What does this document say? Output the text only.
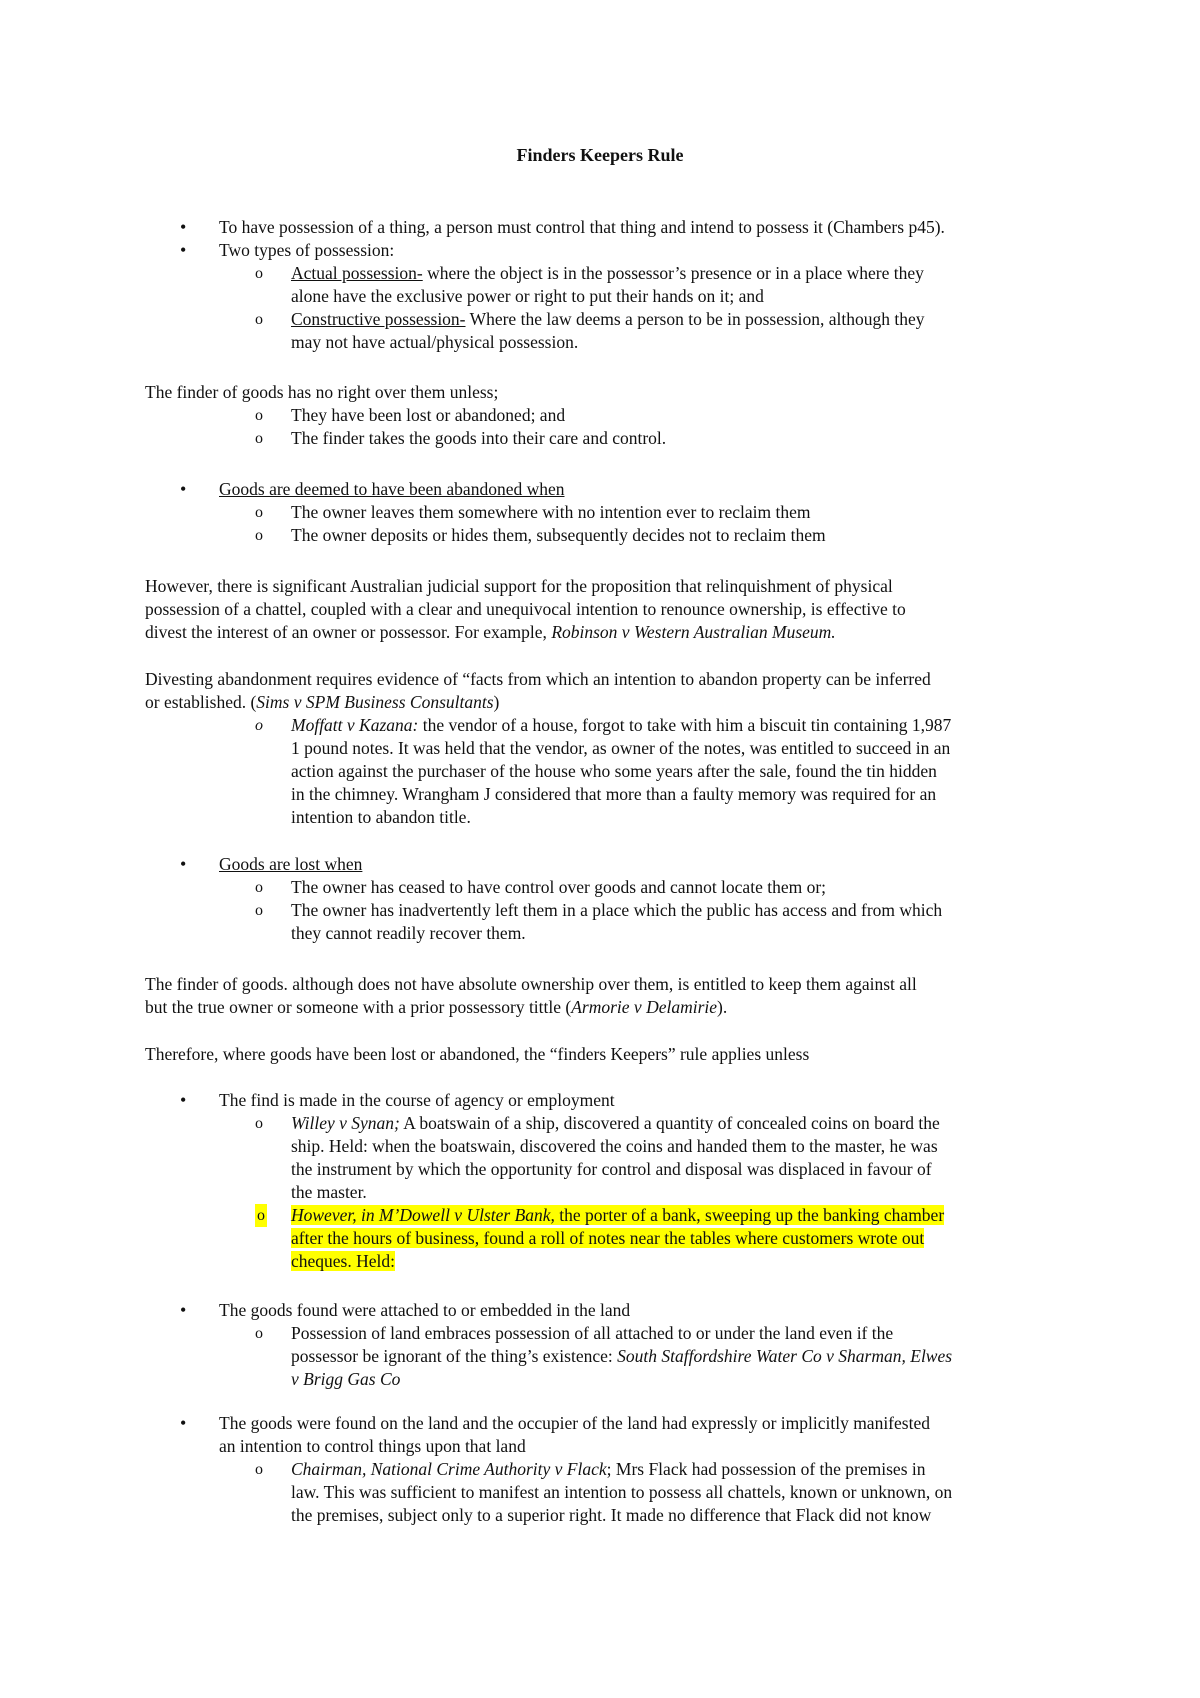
Finders Keepers Rule
•
To have possession of a thing, a person must control that thing and intend to possess it (Chambers p45).
•
Two types of possession:
o Actual possession- where the object is in the possessor’s presence or in a place where they
alone have the exclusive power or right to put their hands on it; and
o Constructive possession- Where the law deems a person to be in possession, although they
may not have actual/physical possession.
The finder of goods has no right over them unless;
o They have been lost or abandoned; and
o The finder takes the goods into their care and control.
•
Goods are deemed to have been abandoned when
o The owner leaves them somewhere with no intention ever to reclaim them
o The owner deposits or hides them, subsequently decides not to reclaim them
However, there is significant Australian judicial support for the proposition that relinquishment of physical
possession of a chattel, coupled with a clear and unequivocal intention to renounce ownership, is effective to
divest the interest of an owner or possessor. For example, Robinson v Western Australian Museum.
Divesting abandonment requires evidence of “facts from which an intention to abandon property can be inferred
or established. (Sims v SPM Business Consultants)
o Moffatt v Kazana: the vendor of a house, forgot to take with him a biscuit tin containing 1,987
1 pound notes. It was held that the vendor, as owner of the notes, was entitled to succeed in an
action against the purchaser of the house who some years after the sale, found the tin hidden
in the chimney. Wrangham J considered that more than a faulty memory was required for an
intention to abandon title.
•
Goods are lost when
o The owner has ceased to have control over goods and cannot locate them or;
o The owner has inadvertently left them in a place which the public has access and from which
they cannot readily recover them.
The finder of goods. although does not have absolute ownership over them, is entitled to keep them against all
but the true owner or someone with a prior possessory tittle (Armorie v Delamirie).
Therefore, where goods have been lost or abandoned, the “finders Keepers” rule applies unless
•
The find is made in the course of agency or employment
o Willey v Synan; A boatswain of a ship, discovered a quantity of concealed coins on board the
ship. Held: when the boatswain, discovered the coins and handed them to the master, he was
the instrument by which the opportunity for control and disposal was displaced in favour of
the master.
o However, in M’Dowell v Ulster Bank, the porter of a bank, sweeping up the banking chamber
after the hours of business, found a roll of notes near the tables where customers wrote out
cheques. Held:
•
The goods found were attached to or embedded in the land
o Possession of land embraces possession of all attached to or under the land even if the
possessor be ignorant of the thing’s existence: South Staffordshire Water Co v Sharman, Elwes
v Brigg Gas Co
•
The goods were found on the land and the occupier of the land had expressly or implicitly manifested
an intention to control things upon that land
o Chairman, National Crime Authority v Flack; Mrs Flack had possession of the premises in
law. This was sufficient to manifest an intention to possess all chattels, known or unknown, on
the premises, subject only to a superior right. It made no difference that Flack did not know
